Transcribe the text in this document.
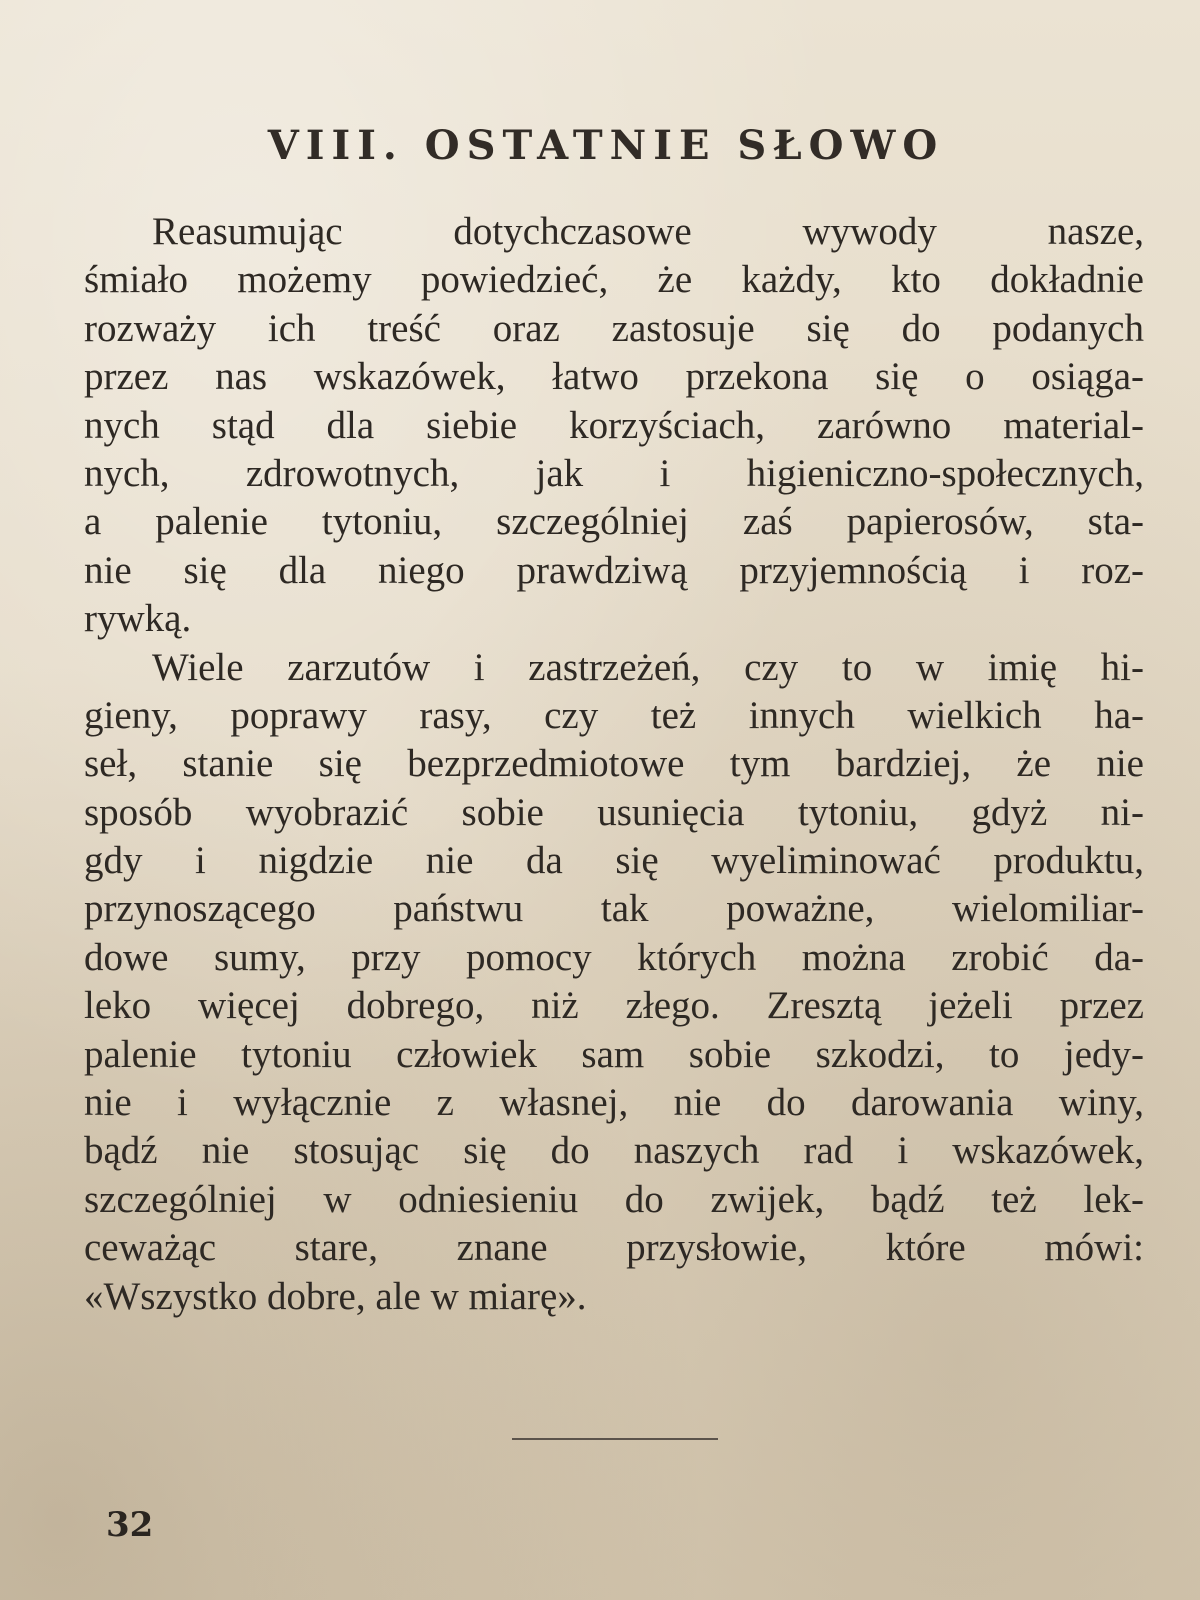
VIII. OSTATNIE SŁOWO
Reasumując dotychczasowe wywody nasze,
śmiało możemy powiedzieć, że każdy, kto dokładnie
rozważy ich treść oraz zastosuje się do podanych
przez nas wskazówek, łatwo przekona się o osiąga-
nych stąd dla siebie korzyściach, zarówno material-
nych, zdrowotnych, jak i higieniczno-społecznych,
a palenie tytoniu, szczególniej zaś papierosów, sta-
nie się dla niego prawdziwą przyjemnością i roz-
rywką.
Wiele zarzutów i zastrzeżeń, czy to w imię hi-
gieny, poprawy rasy, czy też innych wielkich ha-
seł, stanie się bezprzedmiotowe tym bardziej, że nie
sposób wyobrazić sobie usunięcia tytoniu, gdyż ni-
gdy i nigdzie nie da się wyeliminować produktu,
przynoszącego państwu tak poważne, wielomiliar-
dowe sumy, przy pomocy których można zrobić da-
leko więcej dobrego, niż złego. Zresztą jeżeli przez
palenie tytoniu człowiek sam sobie szkodzi, to jedy-
nie i wyłącznie z własnej, nie do darowania winy,
bądź nie stosując się do naszych rad i wskazówek,
szczególniej w odniesieniu do zwijek, bądź też lek-
ceważąc stare, znane przysłowie, które mówi:
«Wszystko dobre, ale w miarę».
32
